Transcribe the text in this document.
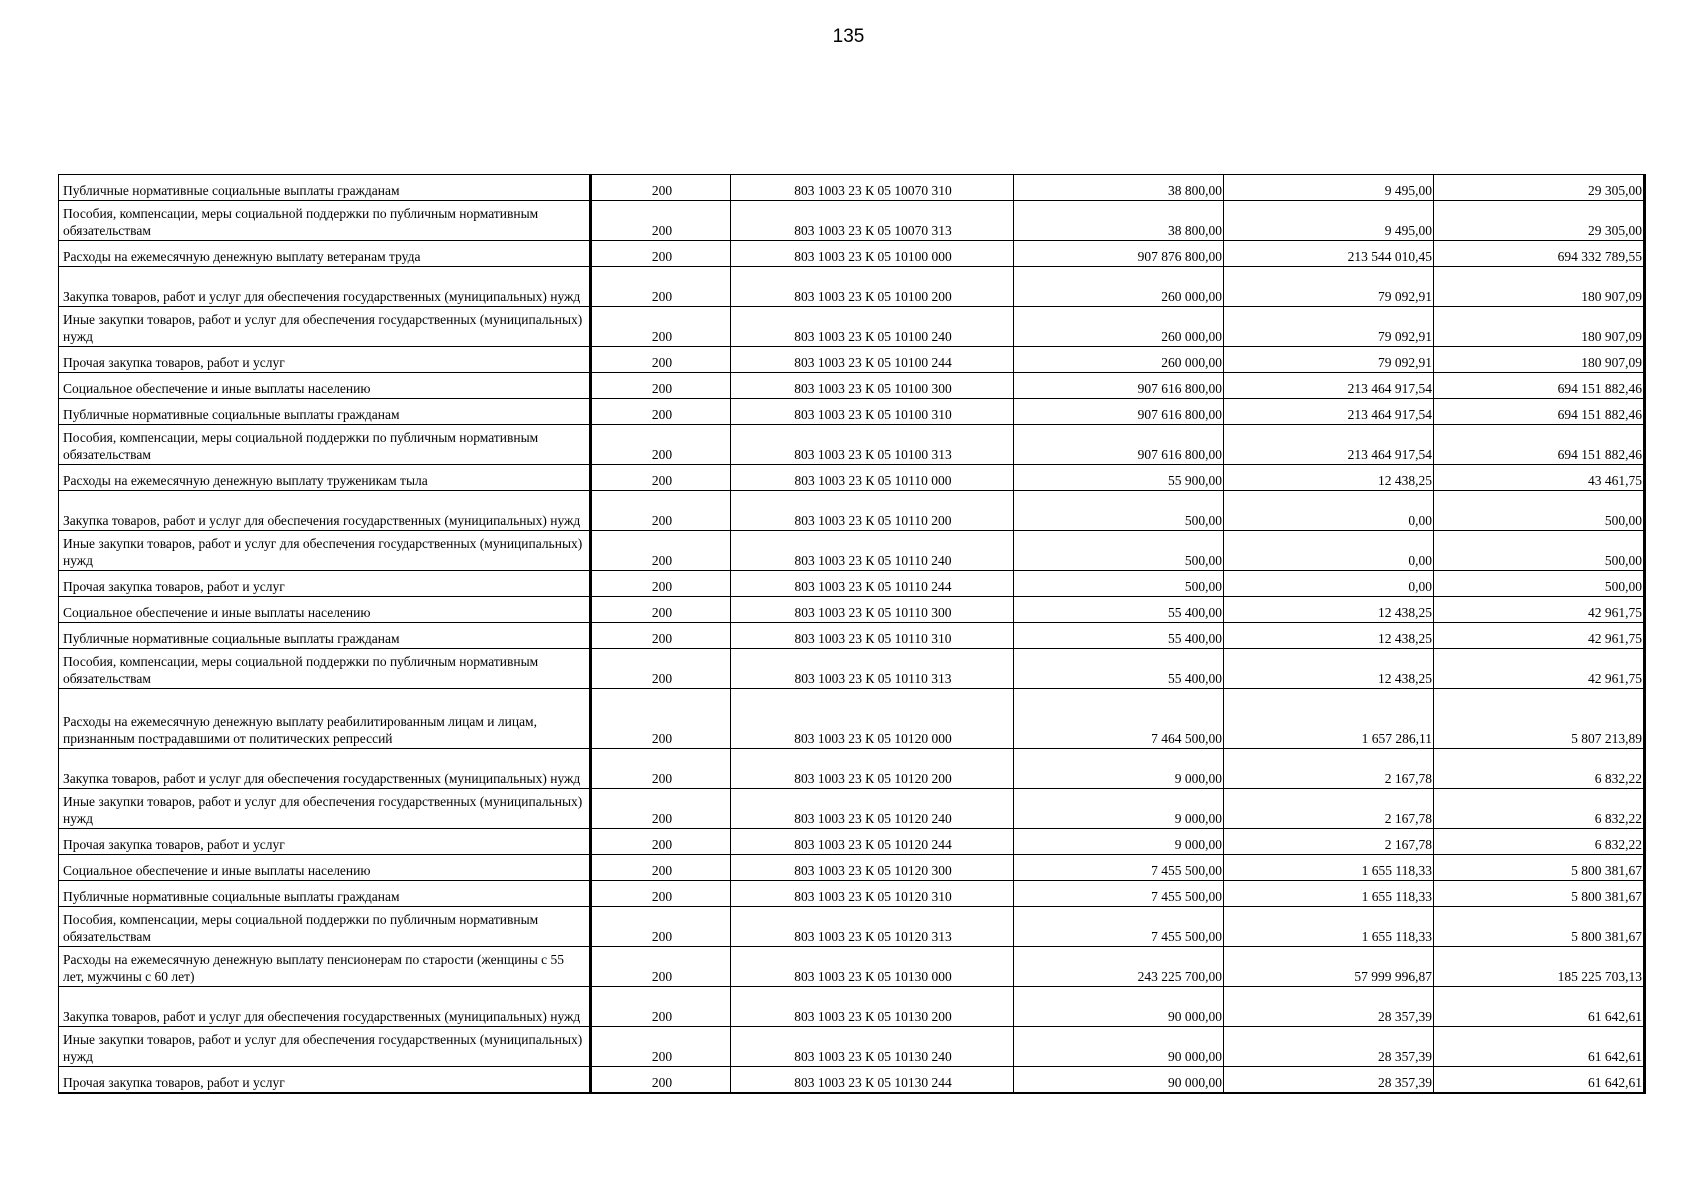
135
Публичные нормативные социальные выплаты гражданам	200	803 1003 23 К 05 10070 310	38 800,00	9 495,00	29 305,00
Пособия, компенсации, меры социальной поддержки по публичным нормативным обязательствам	200	803 1003 23 К 05 10070 313	38 800,00	9 495,00	29 305,00
Расходы на ежемесячную денежную выплату ветеранам труда	200	803 1003 23 К 05 10100 000	907 876 800,00	213 544 010,45	694 332 789,55
Закупка товаров, работ и услуг для обеспечения государственных (муниципальных) нужд	200	803 1003 23 К 05 10100 200	260 000,00	79 092,91	180 907,09
Иные закупки товаров, работ и услуг для обеспечения государственных (муниципальных) нужд	200	803 1003 23 К 05 10100 240	260 000,00	79 092,91	180 907,09
Прочая закупка товаров, работ и услуг	200	803 1003 23 К 05 10100 244	260 000,00	79 092,91	180 907,09
Социальное обеспечение и иные выплаты населению	200	803 1003 23 К 05 10100 300	907 616 800,00	213 464 917,54	694 151 882,46
Публичные нормативные социальные выплаты гражданам	200	803 1003 23 К 05 10100 310	907 616 800,00	213 464 917,54	694 151 882,46
Пособия, компенсации, меры социальной поддержки по публичным нормативным обязательствам	200	803 1003 23 К 05 10100 313	907 616 800,00	213 464 917,54	694 151 882,46
Расходы на ежемесячную денежную выплату труженикам тыла	200	803 1003 23 К 05 10110 000	55 900,00	12 438,25	43 461,75
Закупка товаров, работ и услуг для обеспечения государственных (муниципальных) нужд	200	803 1003 23 К 05 10110 200	500,00	0,00	500,00
Иные закупки товаров, работ и услуг для обеспечения государственных (муниципальных) нужд	200	803 1003 23 К 05 10110 240	500,00	0,00	500,00
Прочая закупка товаров, работ и услуг	200	803 1003 23 К 05 10110 244	500,00	0,00	500,00
Социальное обеспечение и иные выплаты населению	200	803 1003 23 К 05 10110 300	55 400,00	12 438,25	42 961,75
Публичные нормативные социальные выплаты гражданам	200	803 1003 23 К 05 10110 310	55 400,00	12 438,25	42 961,75
Пособия, компенсации, меры социальной поддержки по публичным нормативным обязательствам	200	803 1003 23 К 05 10110 313	55 400,00	12 438,25	42 961,75
Расходы на ежемесячную денежную выплату реабилитированным лицам и лицам, признанным пострадавшими от политических репрессий	200	803 1003 23 К 05 10120 000	7 464 500,00	1 657 286,11	5 807 213,89
Закупка товаров, работ и услуг для обеспечения государственных (муниципальных) нужд	200	803 1003 23 К 05 10120 200	9 000,00	2 167,78	6 832,22
Иные закупки товаров, работ и услуг для обеспечения государственных (муниципальных) нужд	200	803 1003 23 К 05 10120 240	9 000,00	2 167,78	6 832,22
Прочая закупка товаров, работ и услуг	200	803 1003 23 К 05 10120 244	9 000,00	2 167,78	6 832,22
Социальное обеспечение и иные выплаты населению	200	803 1003 23 К 05 10120 300	7 455 500,00	1 655 118,33	5 800 381,67
Публичные нормативные социальные выплаты гражданам	200	803 1003 23 К 05 10120 310	7 455 500,00	1 655 118,33	5 800 381,67
Пособия, компенсации, меры социальной поддержки по публичным нормативным обязательствам	200	803 1003 23 К 05 10120 313	7 455 500,00	1 655 118,33	5 800 381,67
Расходы на ежемесячную денежную выплату пенсионерам по старости (женщины с 55 лет, мужчины с 60 лет)	200	803 1003 23 К 05 10130 000	243 225 700,00	57 999 996,87	185 225 703,13
Закупка товаров, работ и услуг для обеспечения государственных (муниципальных) нужд	200	803 1003 23 К 05 10130 200	90 000,00	28 357,39	61 642,61
Иные закупки товаров, работ и услуг для обеспечения государственных (муниципальных) нужд	200	803 1003 23 К 05 10130 240	90 000,00	28 357,39	61 642,61
Прочая закупка товаров, работ и услуг	200	803 1003 23 К 05 10130 244	90 000,00	28 357,39	61 642,61
